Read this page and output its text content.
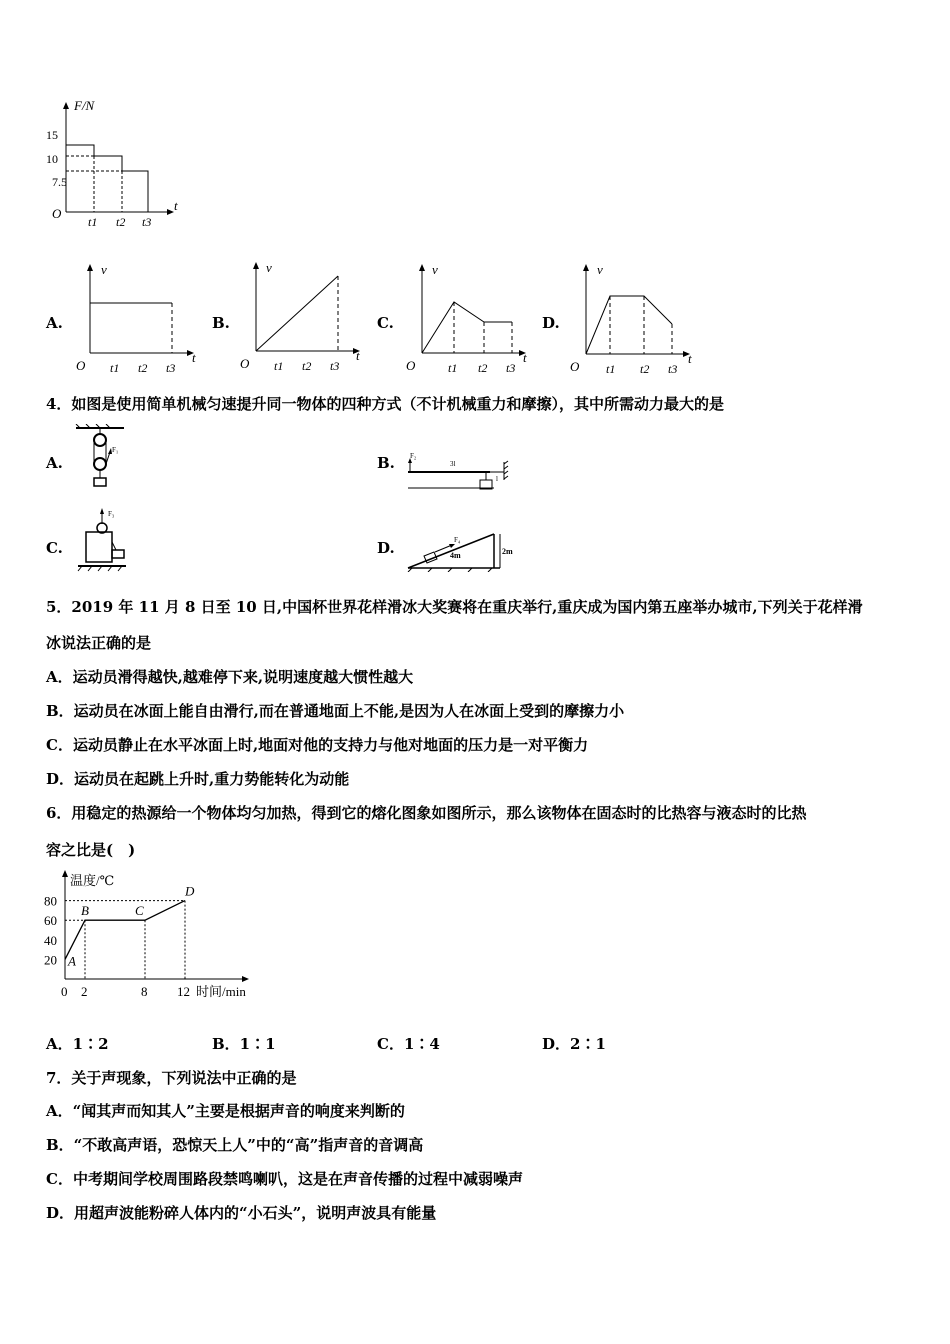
F/N
t
O
15
10
7.5
t1 t2 t3
A.	B.	C.	D.
v
t
O t1 t2 t3
v
t
O t1 t2 t3
v
t
O	t1 t2 t3
v
t
O t1 t2 t3
4．如图是使用简单机械匀速提升同一物体的四种方式（不计机械重力和摩擦），其中所需动力最大的是
A.
F₁
B. F₂
3l
l
C.
F₃
D.	F₄
4m	2m
5．2019 年 11 月 8 日至 10 日,中国杯世界花样滑冰大奖赛将在重庆举行,重庆成为国内第五座举办城市,下列关于花样滑
冰说法正确的是
A．运动员滑得越快,越难停下来,说明速度越大惯性越大
B．运动员在冰面上能自由滑行,而在普通地面上不能,是因为人在冰面上受到的摩擦力小
C．运动员静止在水平冰面上时,地面对他的支持力与他对地面的压力是一对平衡力
D．运动员在起跳上升时,重力势能转化为动能
6．用稳定的热源给一个物体均匀加热，得到它的熔化图象如图所示，那么该物体在固态时的比热容与液态时的比热
容之比是(　)
温度/℃
时间/min
20
40
60
80
0 2	8 12
A
B	C
D
A．1∶2	B．1∶1	C．1∶4	D．2∶1
7．关于声现象，下列说法中正确的是
A．“闻其声而知其人”主要是根据声音的响度来判断的
B．“不敢高声语，恐惊天上人”中的“高”指声音的音调高
C．中考期间学校周围路段禁鸣喇叭，这是在声音传播的过程中减弱噪声
D．用超声波能粉碎人体内的“小石头”，说明声波具有能量
